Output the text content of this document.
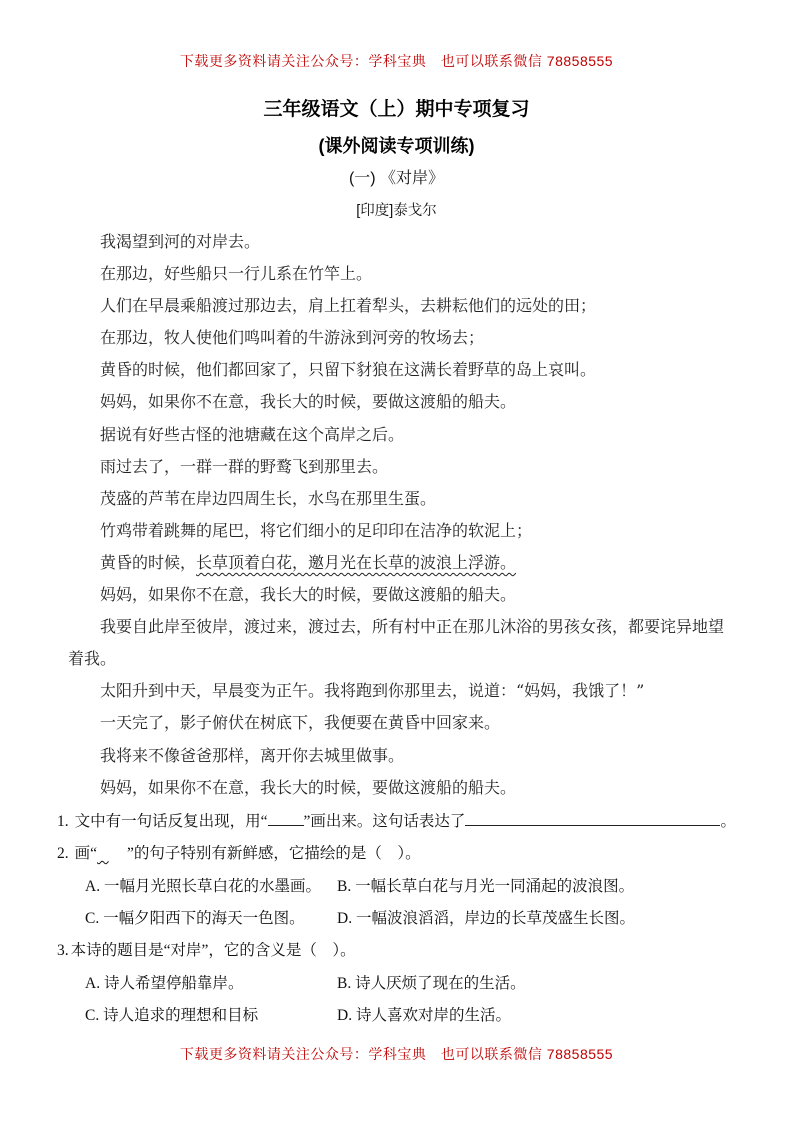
下载更多资料请关注公众号：学科宝典　也可以联系微信 78858555
三年级语文（上）期中专项复习
(课外阅读专项训练)
(一) 《对岸》
[印度]泰戈尔

我渴望到河的对岸去。

在那边，好些船只一行儿系在竹竿上。

人们在早晨乘船渡过那边去，肩上扛着犁头，去耕耘他们的远处的田；

在那边，牧人使他们鸣叫着的牛游泳到河旁的牧场去；

黄昏的时候，他们都回家了，只留下豺狼在这满长着野草的岛上哀叫。

妈妈，如果你不在意，我长大的时候，要做这渡船的船夫。

据说有好些古怪的池塘藏在这个高岸之后。

雨过去了，一群一群的野鹜飞到那里去。

茂盛的芦苇在岸边四周生长，水鸟在那里生蛋。

竹鸡带着跳舞的尾巴，将它们细小的足印印在洁净的软泥上；

黄昏的时候，长草顶着白花，邀月光在长草的波浪上浮游。

妈妈，如果你不在意，我长大的时候，要做这渡船的船夫。

我要自此岸至彼岸，渡过来，渡过去，所有村中正在那儿沐浴的男孩女孩，都要诧异地望着我。

太阳升到中天，早晨变为正午。我将跑到你那里去，说道：“妈妈，我饿了！”

一天完了，影子俯伏在树底下，我便要在黄昏中回家来。

我将来不像爸爸那样，离开你去城里做事。

妈妈，如果你不在意，我长大的时候，要做这渡船的船夫。

1. 文中有一句话反复出现，用“ ”画出来。这句话表达了	。
2. 画“ ”的句子特别有新鲜感，它描绘的是（　）。
A. 一幅月光照长草白花的水墨画。	B. 一幅长草白花与月光一同涌起的波浪图。
C. 一幅夕阳西下的海天一色图。	D. 一幅波浪滔滔，岸边的长草茂盛生长图。
3. 本诗的题目是“对岸”，它的含义是（　）。
A. 诗人希望停船靠岸。	B. 诗人厌烦了现在的生活。
C. 诗人追求的理想和目标	D. 诗人喜欢对岸的生活。
下载更多资料请关注公众号：学科宝典　也可以联系微信 78858555
